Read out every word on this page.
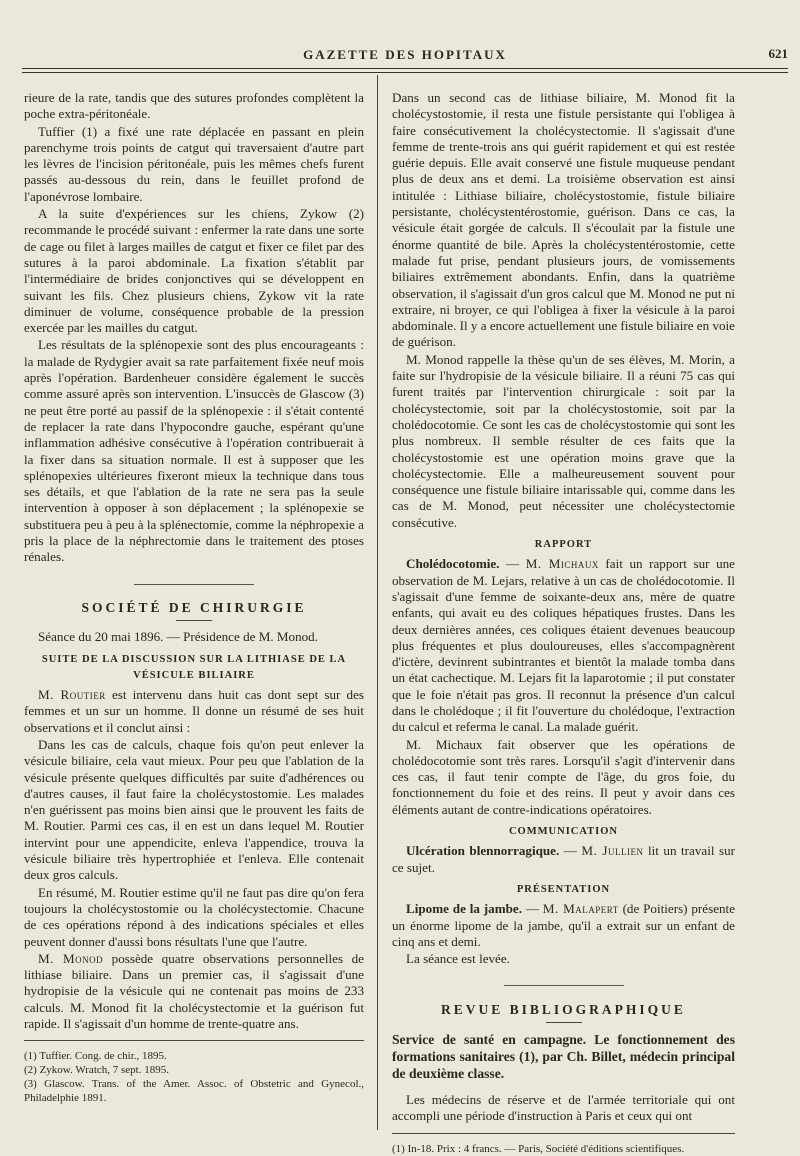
GAZETTE DES HOPITAUX	621

rieure de la rate, tandis que des sutures profondes complètent la poche extra-péritonéale.

Tuffier (1) a fixé une rate déplacée en passant en plein parenchyme trois points de catgut qui traversaient d'autre part les lèvres de l'incision péritonéale, puis les mêmes chefs furent passés au-dessous du rein, dans le feuillet profond de l'aponévrose lombaire.

A la suite d'expériences sur les chiens, Zykow (2) recommande le procédé suivant : enfermer la rate dans une sorte de cage ou filet à larges mailles de catgut et fixer ce filet par des sutures à la paroi abdominale. La fixation s'établit par l'intermédiaire de brides conjonctives qui se développent en suivant les fils. Chez plusieurs chiens, Zykow vit la rate diminuer de volume, conséquence probable de la pression exercée par les mailles du catgut.

Les résultats de la splénopexie sont des plus encourageants : la malade de Rydygier avait sa rate parfaitement fixée neuf mois après l'opération. Bardenheuer considère également le succès comme assuré après son intervention. L'insuccès de Glascow (3) ne peut être porté au passif de la splénopexie : il s'était contenté de replacer la rate dans l'hypocondre gauche, espérant qu'une inflammation adhésive consécutive à l'opération contribuerait à la fixer dans sa situation normale. Il est à supposer que les splénopexies ultérieures fixeront mieux la technique dans tous ses détails, et que l'ablation de la rate ne sera pas la seule intervention à opposer à son déplacement ; la splénopexie se substituera peu à peu à la splénectomie, comme la néphropexie a pris la place de la néphrectomie dans le traitement des ptoses rénales.

SOCIÉTÉ DE CHIRURGIE

Séance du 20 mai 1896. — Présidence de M. Monod.

SUITE DE LA DISCUSSION SUR LA LITHIASE DE LA VÉSICULE BILIAIRE

M. Routier est intervenu dans huit cas dont sept sur des femmes et un sur un homme. Il donne un résumé de ses huit observations et il conclut ainsi :

Dans les cas de calculs, chaque fois qu'on peut enlever la vésicule biliaire, cela vaut mieux. Pour peu que l'ablation de la vésicule présente quelques difficultés par suite d'adhérences ou d'autres causes, il faut faire la cholécystostomie. Les malades n'en guérissent pas moins bien ainsi que le prouvent les faits de M. Routier. Parmi ces cas, il en est un dans lequel M. Routier intervint pour une appendicite, enleva l'appendice, trouva la vésicule biliaire très hypertrophiée et l'enleva. Elle contenait deux gros calculs.

En résumé, M. Routier estime qu'il ne faut pas dire qu'on fera toujours la cholécystostomie ou la cholécystectomie. Chacune de ces opérations répond à des indications spéciales et elles peuvent donner d'aussi bons résultats l'une que l'autre.

M. Monod possède quatre observations personnelles de lithiase biliaire. Dans un premier cas, il s'agissait d'une hydropisie de la vésicule qui ne contenait pas moins de 233 calculs. M. Monod fit la cholécystectomie et la guérison fut rapide. Il s'agissait d'un homme de trente-quatre ans.

(1) Tuffier. Cong. de chir., 1895.
(2) Zykow. Wratch, 7 sept. 1895.
(3) Glascow. Trans. of the Amer. Assoc. of Obstetric and Gynecol., Philadelphie 1891.

Dans un second cas de lithiase biliaire, M. Monod fit la cholécystostomie, il resta une fistule persistante qui l'obligea à faire consécutivement la cholécystectomie. Il s'agissait d'une femme de trente-trois ans qui guérit rapidement et qui est restée guérie depuis. Elle avait conservé une fistule muqueuse pendant plus de deux ans et demi. La troisième observation est ainsi intitulée : Lithiase biliaire, cholécystostomie, fistule biliaire persistante, cholécystentérostomie, guérison. Dans ce cas, la vésicule était gorgée de calculs. Il s'écoulait par la fistule une énorme quantité de bile. Après la cholécystentérostomie, cette malade fut prise, pendant plusieurs jours, de vomissements biliaires extrêmement abondants. Enfin, dans la quatrième observation, il s'agissait d'un gros calcul que M. Monod ne put ni extraire, ni broyer, ce qui l'obligea à fixer la vésicule à la paroi abdominale. Il y a encore actuellement une fistule biliaire en voie de guérison.

M. Monod rappelle la thèse qu'un de ses élèves, M. Morin, a faite sur l'hydropisie de la vésicule biliaire. Il a réuni 75 cas qui furent traités par l'intervention chirurgicale : soit par la cholécystectomie, soit par la cholécystostomie, soit par la cholédocotomie. Ce sont les cas de cholécystostomie qui sont les plus nombreux. Il semble résulter de ces faits que la cholécystostomie est une opération moins grave que la cholécystectomie. Elle a malheureusement souvent pour conséquence une fistule biliaire intarissable qui, comme dans les cas de M. Monod, peut nécessiter une cholécystectomie consécutive.

RAPPORT

Cholédocotomie. — M. Michaux fait un rapport sur une observation de M. Lejars, relative à un cas de cholédocotomie. Il s'agissait d'une femme de soixante-deux ans, mère de quatre enfants, qui avait eu des coliques hépatiques frustes. Dans les deux dernières années, ces coliques étaient devenues beaucoup plus fréquentes et plus douloureuses, elles s'accompagnèrent d'ictère, devinrent subintrantes et bientôt la malade tomba dans un état cachectique. M. Lejars fit la laparotomie ; il put constater que le foie n'était pas gros. Il reconnut la présence d'un calcul dans le cholédoque ; il fit l'ouverture du cholédoque, l'extraction du calcul et referma le canal. La malade guérit.

M. Michaux fait observer que les opérations de cholédocotomie sont très rares. Lorsqu'il s'agit d'intervenir dans ces cas, il faut tenir compte de l'âge, du gros foie, du fonctionnement du foie et des reins. Il peut y avoir dans ces éléments autant de contre-indications opératoires.

COMMUNICATION

Ulcération blennorragique. — M. Jullien lit un travail sur ce sujet.

PRÉSENTATION

Lipome de la jambe. — M. Malapert (de Poitiers) présente un énorme lipome de la jambe, qu'il a extrait sur un enfant de cinq ans et demi.

La séance est levée.

REVUE BIBLIOGRAPHIQUE

Service de santé en campagne. Le fonctionnement des formations sanitaires (1), par Ch. Billet, médecin principal de deuxième classe.

Les médecins de réserve et de l'armée territoriale qui ont accompli une période d'instruction à Paris et ceux qui ont

(1) In-18. Prix : 4 francs. — Paris, Société d'éditions scientifiques.
